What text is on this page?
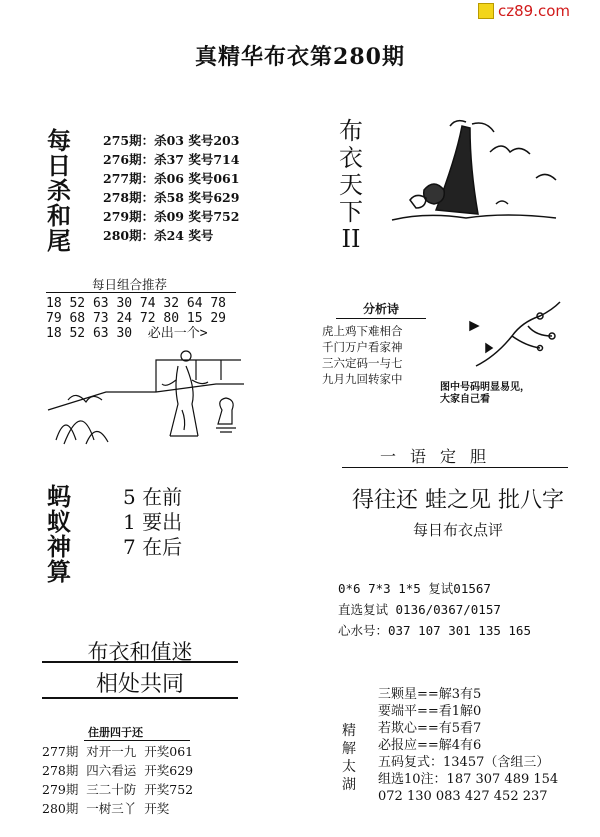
cz89.com
真精华布衣第280期
每
日
杀
和
尾
275期：杀03 奖号203
276期：杀37 奖号714
277期：杀06 奖号061
278期：杀58 奖号629
279期：杀09 奖号752
280期：杀24 奖号
每日组合推荐
18 52 63 30 74 32 64 78
79 68 73 24 72 80 15 29
18 52 63 30  必出一个>
蚂
蚁
神
算
5 在前
1 要出
7 在后
布衣和值迷
相处共同
住册四于还
277期  对开一九  开奖061
278期  四六看运  开奖629
279期  三二十防  开奖752
280期  一树三丫  开奖
布
衣
天
下
II
分析诗
虎上鸡下难相合
千门万户看家神
三六定码一与七
九月九回转家中
图中号码明显易见，
大家自己看
一语定胆
得往还 蛙之见 批八字
每日布衣点评
0*6 7*3 1*5 复试01567
直选复试 0136/0367/0157
心水号：037 107 301 135 165
精
解
太
湖
三颗星==解3有5
要端平==看1解0
若欺心==有5看7
必报应==解4有6
五码复式：13457（含组三）
组选10注：187 307 489 154
072 130 083 427 452 237
